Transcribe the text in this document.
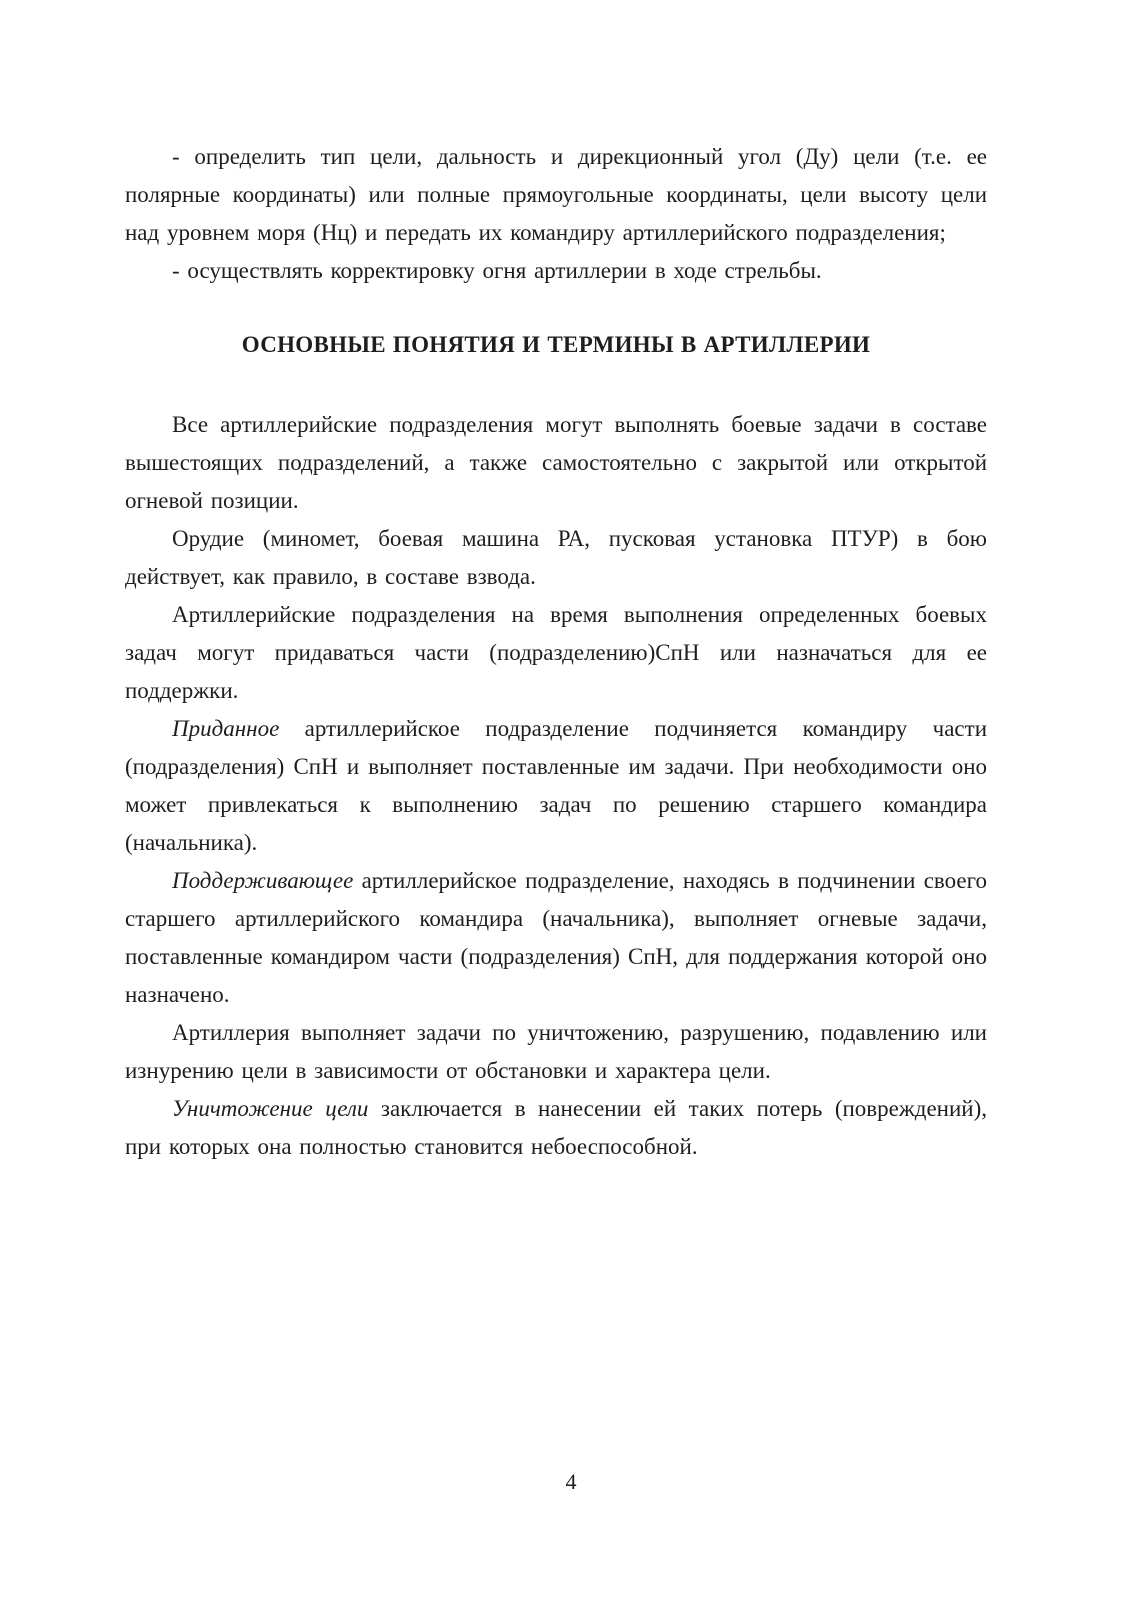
- определить тип цели, дальность и дирекционный угол (Ду) цели (т.е. ее полярные координаты) или полные прямоугольные координаты, цели высоту цели над уровнем моря (Нц) и передать их командиру артиллерийского подразделения;

- осуществлять корректировку огня артиллерии в ходе стрельбы.

ОСНОВНЫЕ ПОНЯТИЯ И ТЕРМИНЫ В АРТИЛЛЕРИИ

Все артиллерийские подразделения могут выполнять боевые задачи в составе вышестоящих подразделений, а также самостоятельно с закрытой или открытой огневой позиции.

Орудие (миномет, боевая машина РА, пусковая установка ПТУР) в бою действует, как правило, в составе взвода.

Артиллерийские подразделения на время выполнения определенных боевых задач могут придаваться части (подразделению)СпН или назначаться для ее поддержки.

Приданное артиллерийское подразделение подчиняется командиру части (подразделения) СпН и выполняет поставленные им задачи. При необходимости оно может привлекаться к выполнению задач по решению старшего командира (начальника).

Поддерживающее артиллерийское подразделение, находясь в подчинении своего старшего артиллерийского командира (начальника), выполняет огневые задачи, поставленные командиром части (подразделения) СпН, для поддержания которой оно назначено.

Артиллерия выполняет задачи по уничтожению, разрушению, подавлению или изнурению цели в зависимости от обстановки и характера цели.

Уничтожение цели заключается в нанесении ей таких потерь (повреждений), при которых она полностью становится небоеспособной.

4
